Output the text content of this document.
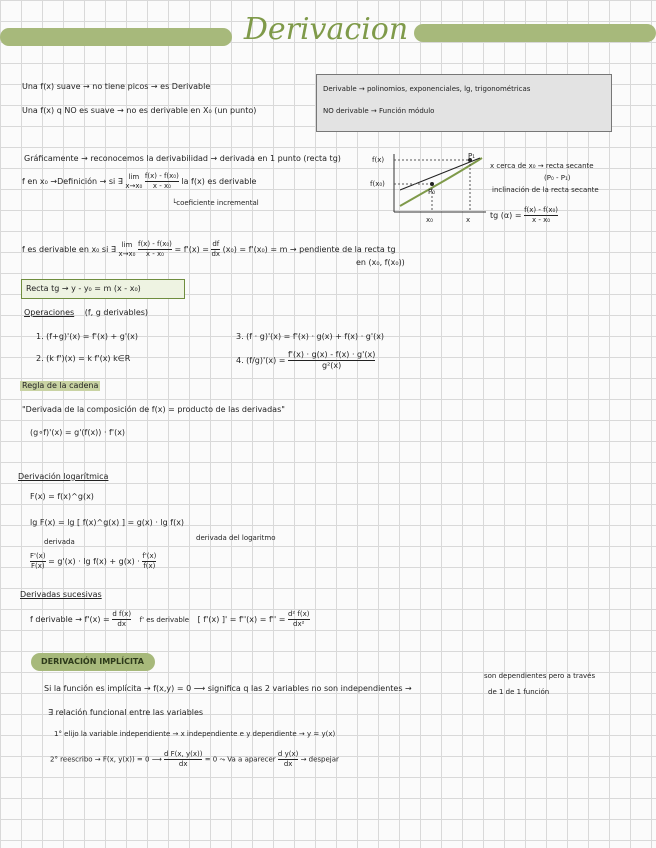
Derivacion
Una f(x) suave → no tiene picos → es Derivable
Una f(x) q NO es suave → no es derivable en X₀ (un punto)
Derivable → polinomios, exponenciales, lg, trigonométricas
NO derivable → Función módulo
Gráficamente → reconocemos la derivabilidad → derivada en 1 punto (recta tg)
f en x₀ →Definición → si ∃
lim
x→x₀
$\frac{\text{f(x) - f(x₀)}}{\text{x - x₀}}$ la f(x) es derivable
└coeficiente incremental
f(x)
f(x₀)
P₀
P₁
x₀	x
x cerca de x₀ → recta secante
(P₀ - P₁)
inclinación de la recta secante
tg $(\alpha) = \frac{\text{f(x) - f(x₀)}}{\text{x - x₀}}$
f es derivable en x₀ si ∃
lim
x→x₀
$\frac{\text{f(x) - f(x₀)}}{\text{x - x₀}} = f'(x) = \frac{df}{dx} (x_0) = f'(x_0) = m$ → pendiente de la recta tg
en (x₀, f(x₀))
Recta tg → y - y₀ = m (x - x₀)
Operaciones (f, g derivables)
1. (f+g)'(x) = f'(x) + g'(x)
2. (k f')(x) = k f'(x) k∈R
3. (f · g)'(x) = f'(x) · g(x) + f(x) · g'(x)
4. $(f/g)'(x) = \frac{f'(x) \cdot g(x) - f(x) \cdot g'(x)}{\text{g²(x)}}$
Regla de la cadena
"Derivada de la composición de f(x) = producto de las derivadas"
(g∘f)'(x) = g'(f(x)) · f'(x)
Derivación logarítmica
F(x) = f(x)^g(x)
lg F(x) = lg [ f(x)^g(x) ] = g(x) · lg f(x)
derivada	derivada del logaritmo
$\frac{F'(x)}{F(x)} = g'(x) \cdot \lg f(x) + g(x) \cdot \frac{f'(x)}{f(x)}$
Derivadas sucesivas
f derivable → $f'(x) = \frac{\text{d f(x)}}{dx} f'$ es derivable [ f'(x) ]' = $f''(x) = f'' = \frac{\text{d² f(x)}}{\text{dx²}}$
DERIVACIÓN IMPLÍCITA
Si la función es implícita → f(x,y) = 0 ⟶ significa q las 2 variables no son independientes →
son dependientes pero a través
de 1 de 1 función
∃ relación funcional entre las variables
1° elijo la variable independiente → x independiente e y dependiente → y = y(x)
2° reescribo → F(x, y(x)) = 0 ⟶ $\frac{\text{d F(x, y(x))}}{dx} = 0$ ⤳ Va a aparecer $\frac{\text{d y(x)}}{dx}$ → despejar
